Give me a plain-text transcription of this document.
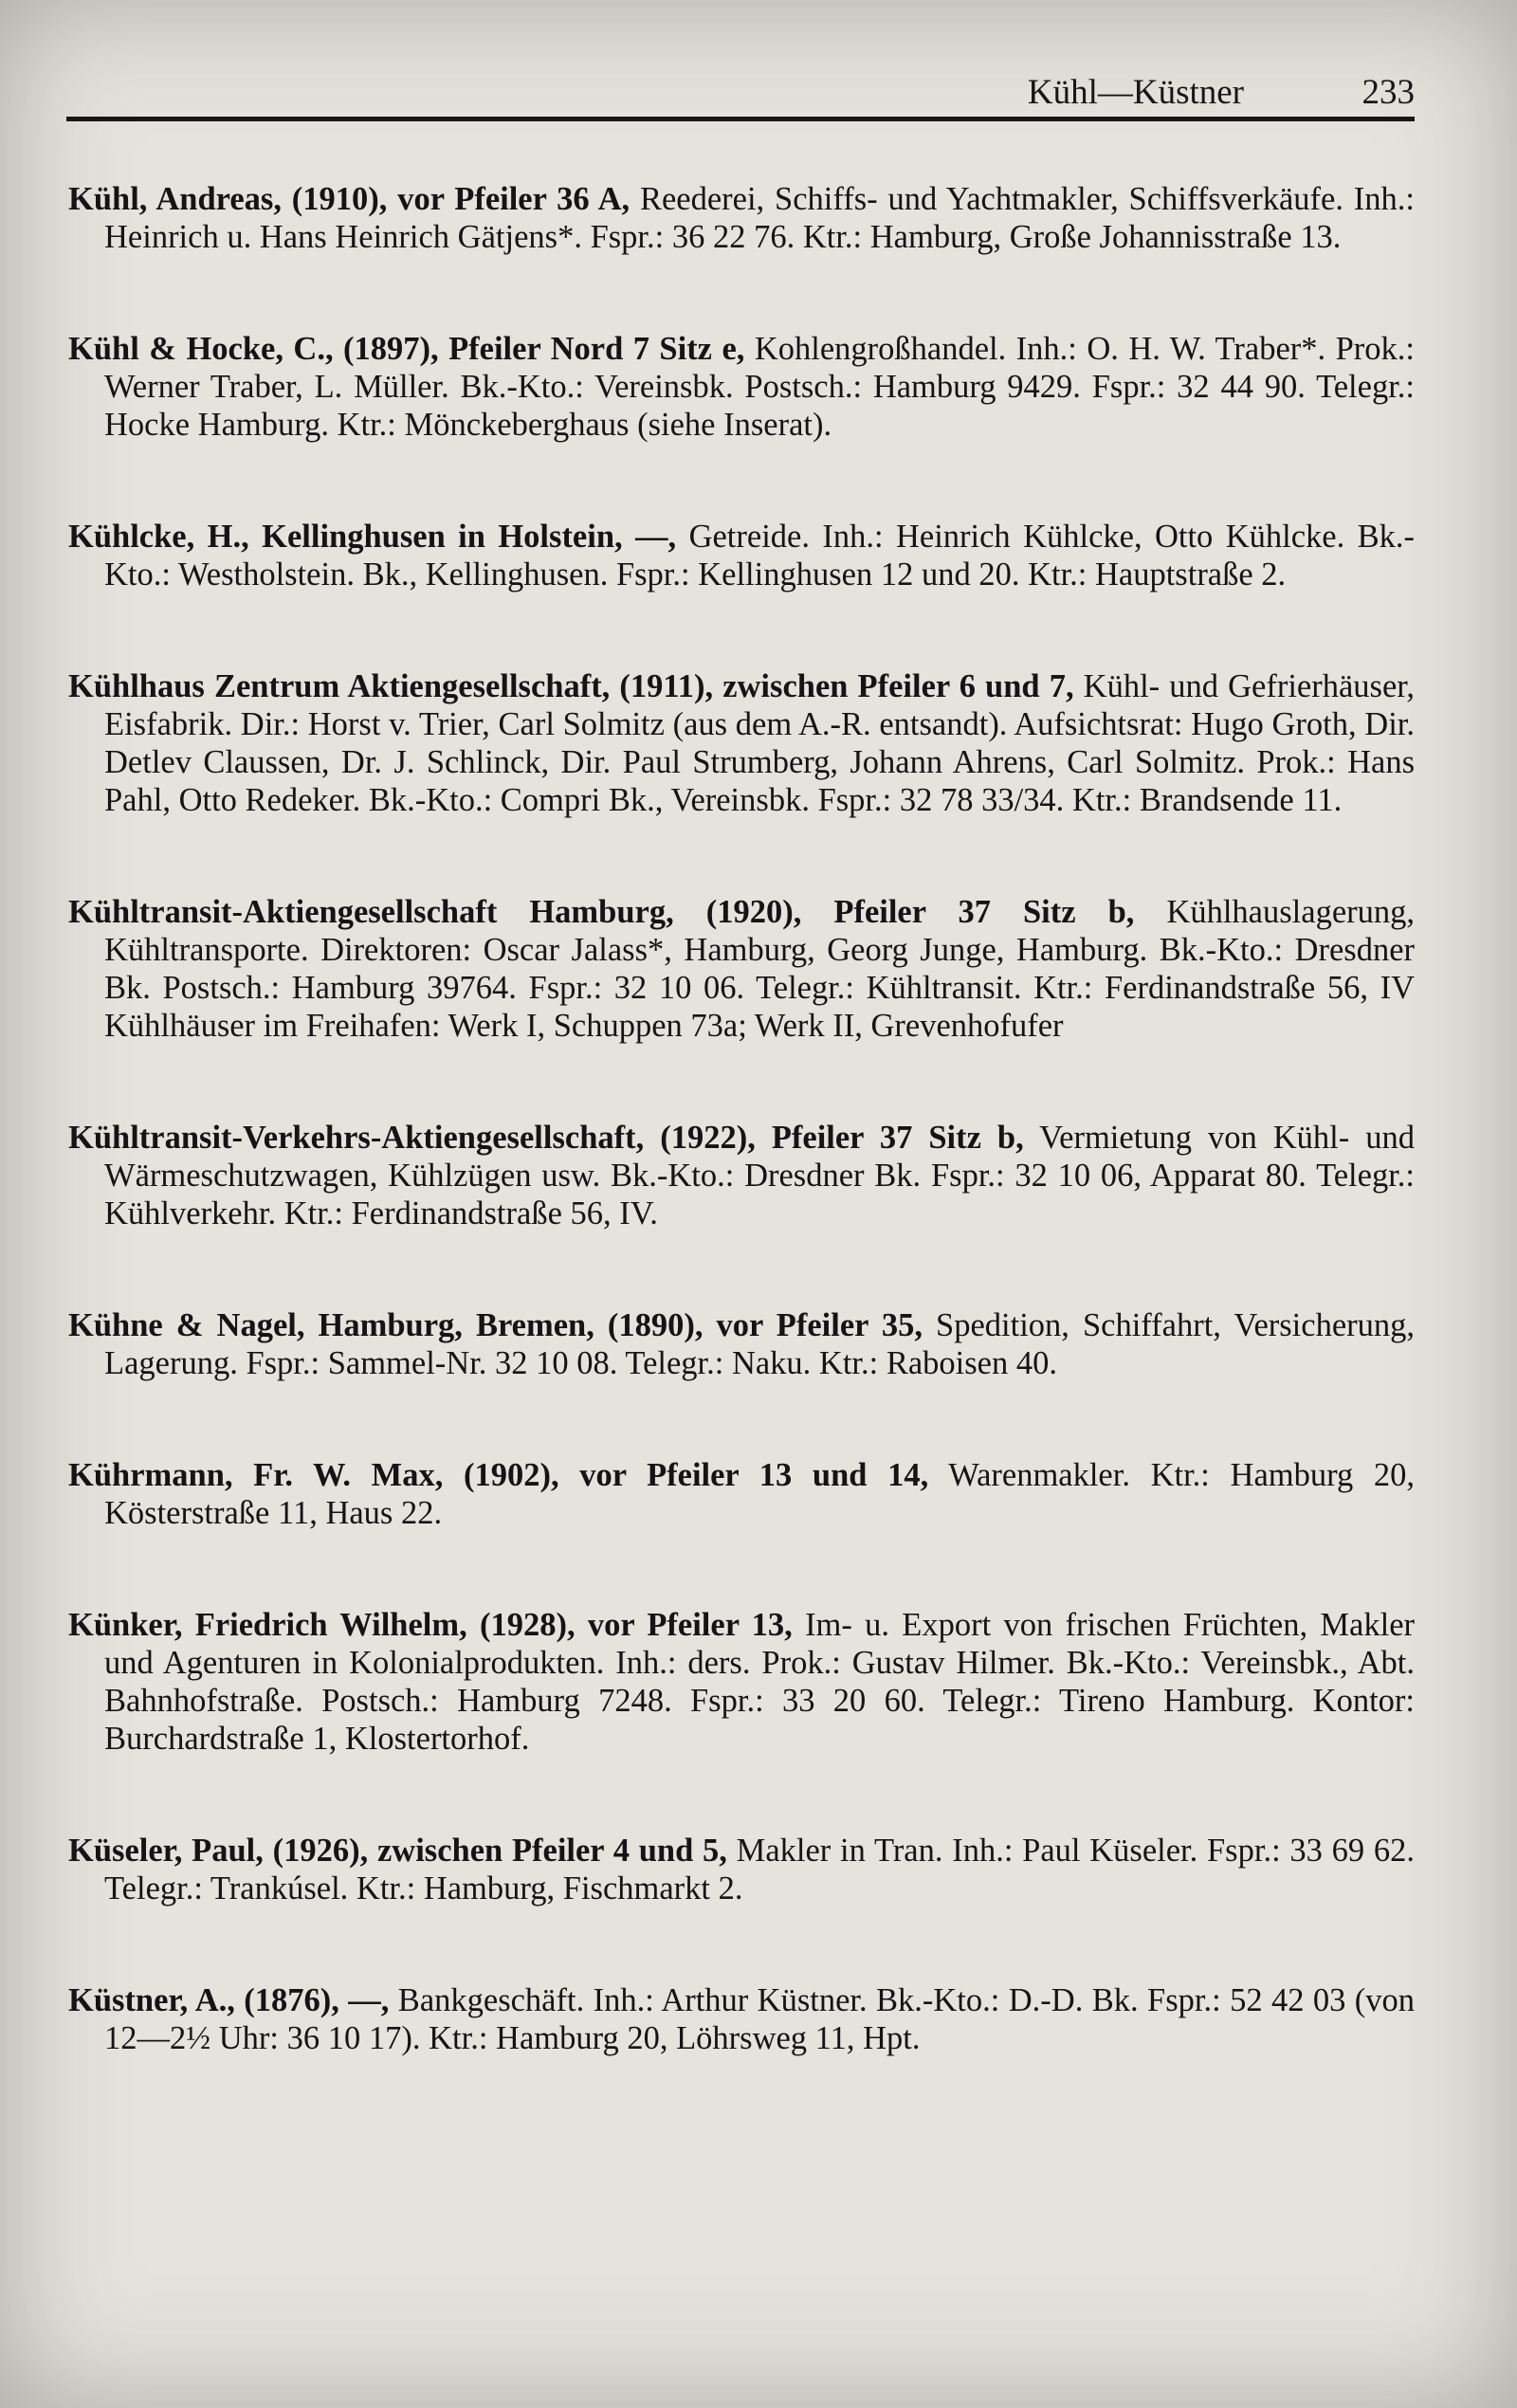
Kühl—Küstner	233

Kühl, Andreas, (1910), vor Pfeiler 36 A, Reederei, Schiffs- und Yachtmakler, Schiffsverkäufe. Inh.: Heinrich u. Hans Heinrich Gätjens*. Fspr.: 36 22 76. Ktr.: Hamburg, Große Johannisstraße 13.

Kühl & Hocke, C., (1897), Pfeiler Nord 7 Sitz e, Kohlengroßhandel. Inh.: O. H. W. Traber*. Prok.: Werner Traber, L. Müller. Bk.-Kto.: Vereinsbk. Postsch.: Hamburg 9429. Fspr.: 32 44 90. Telegr.: Hocke Hamburg. Ktr.: Mönckeberghaus (siehe Inserat).

Kühlcke, H., Kellinghusen in Holstein, —, Getreide. Inh.: Heinrich Kühlcke, Otto Kühlcke. Bk.-Kto.: Westholstein. Bk., Kellinghusen. Fspr.: Kellinghusen 12 und 20. Ktr.: Hauptstraße 2.

Kühlhaus Zentrum Aktiengesellschaft, (1911), zwischen Pfeiler 6 und 7, Kühl- und Gefrierhäuser, Eisfabrik. Dir.: Horst v. Trier, Carl Solmitz (aus dem A.-R. entsandt). Aufsichtsrat: Hugo Groth, Dir. Detlev Claussen, Dr. J. Schlinck, Dir. Paul Strumberg, Johann Ahrens, Carl Solmitz. Prok.: Hans Pahl, Otto Redeker. Bk.-Kto.: Compri Bk., Vereinsbk. Fspr.: 32 78 33/34. Ktr.: Brandsende 11.

Kühltransit-Aktiengesellschaft Hamburg, (1920), Pfeiler 37 Sitz b, Kühlhauslagerung, Kühltransporte. Direktoren: Oscar Jalass*, Hamburg, Georg Junge, Hamburg. Bk.-Kto.: Dresdner Bk. Postsch.: Hamburg 39764. Fspr.: 32 10 06. Telegr.: Kühltransit. Ktr.: Ferdinandstraße 56, IV Kühlhäuser im Freihafen: Werk I, Schuppen 73a; Werk II, Grevenhofufer

Kühltransit-Verkehrs-Aktiengesellschaft, (1922), Pfeiler 37 Sitz b, Vermietung von Kühl- und Wärmeschutzwagen, Kühlzügen usw. Bk.-Kto.: Dresdner Bk. Fspr.: 32 10 06, Apparat 80. Telegr.: Kühlverkehr. Ktr.: Ferdinandstraße 56, IV.

Kühne & Nagel, Hamburg, Bremen, (1890), vor Pfeiler 35, Spedition, Schiffahrt, Versicherung, Lagerung. Fspr.: Sammel-Nr. 32 10 08. Telegr.: Naku. Ktr.: Raboisen 40.

Kührmann, Fr. W. Max, (1902), vor Pfeiler 13 und 14, Warenmakler. Ktr.: Hamburg 20, Kösterstraße 11, Haus 22.

Künker, Friedrich Wilhelm, (1928), vor Pfeiler 13, Im- u. Export von frischen Früchten, Makler und Agenturen in Kolonialprodukten. Inh.: ders. Prok.: Gustav Hilmer. Bk.-Kto.: Vereinsbk., Abt. Bahnhofstraße. Postsch.: Hamburg 7248. Fspr.: 33 20 60. Telegr.: Tireno Hamburg. Kontor: Burchardstraße 1, Klostertorhof.

Küseler, Paul, (1926), zwischen Pfeiler 4 und 5, Makler in Tran. Inh.: Paul Küseler. Fspr.: 33 69 62. Telegr.: Trankúsel. Ktr.: Hamburg, Fischmarkt 2.

Küstner, A., (1876), —, Bankgeschäft. Inh.: Arthur Küstner. Bk.-Kto.: D.-D. Bk. Fspr.: 52 42 03 (von 12—2½ Uhr: 36 10 17). Ktr.: Hamburg 20, Löhrsweg 11, Hpt.
